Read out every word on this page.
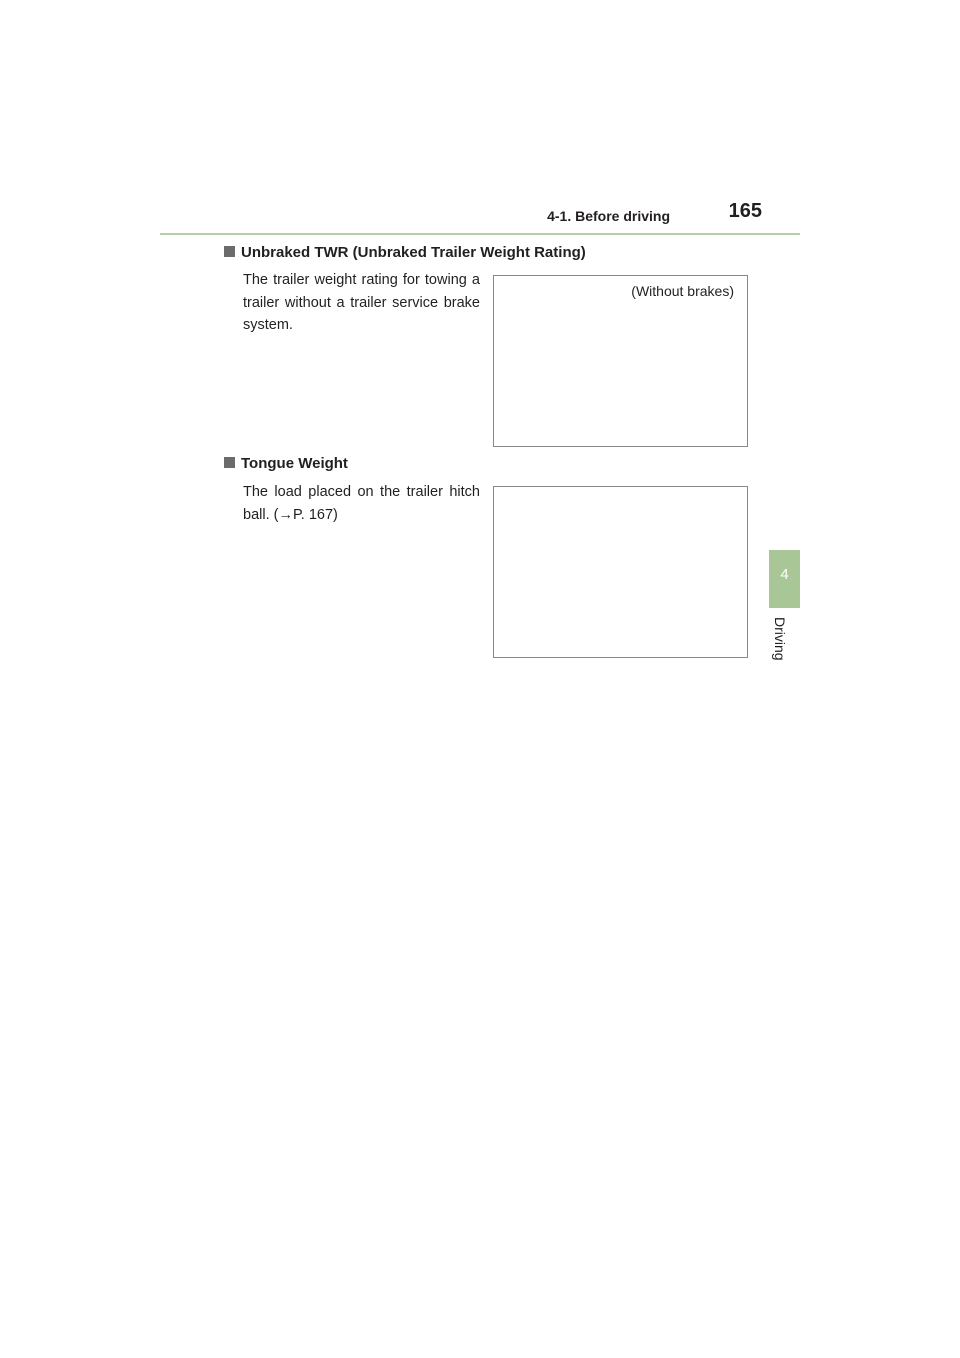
4-1. Before driving	165
4
Driving
Unbraked TWR (Unbraked Trailer Weight Rating)
The trailer weight rating for towing a trailer without a trailer service brake system.
(Without brakes)
Tongue Weight
The load placed on the trailer hitch ball. (→P. 167)
